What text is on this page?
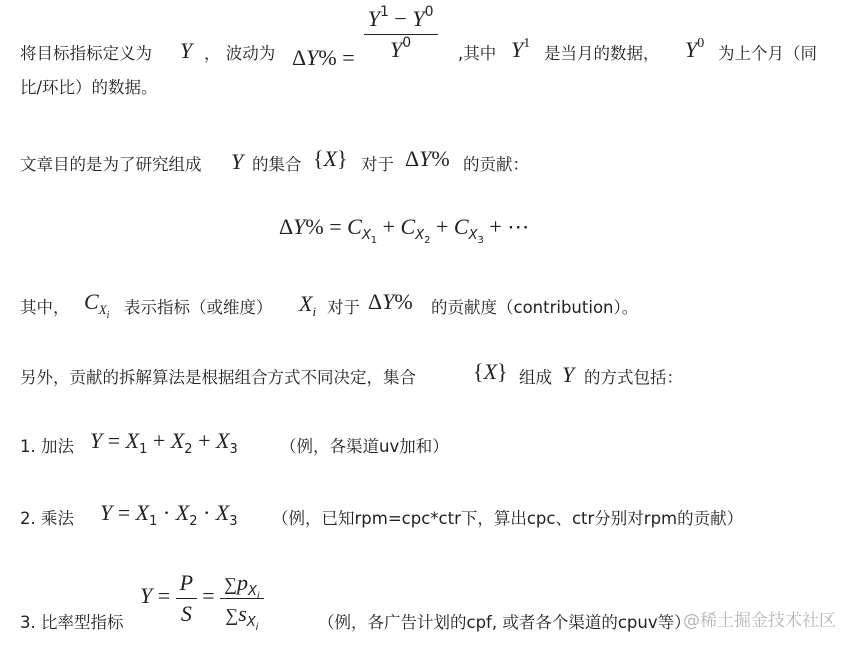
将目标指标定义为 Y ， 波动为 $\Delta Y\% = \frac{Y^1 - Y^0}{Y^0}$ ,其中 $Y^1$
是当月的数据， $Y^0$
为上个月（同
比/环比）的数据。
文章目的是为了研究组成 Y 的集合 {X} 对于 ΔY% 的贡献：
$\Delta Y\% = C_{X_1} + C_{X_2} + C_{X_3}$ + ⋯
其中， $C_{X_i}$ 表示指标（或维度） $X_i$ 对于 ΔY% 的贡献度（contribution）。
另外，贡献的拆解算法是根据组合方式不同决定，集合	{X} 组成 Y 的方式包括：
1. 加法 $Y = X_1 + X_2 + X_3$	（例，各渠道uv加和）
2. 乘法 $Y = X_1 \cdot X_2 \cdot X_3$ （例，已知rpm=cpc*ctr下，算出cpc、ctr分别对rpm的贡献）
3. 比率型指标
$Y = \frac{P}{S} = \frac{\sum p_{X_i}}{\sum s_{X_i}}$	（例，各广告计划的cpf, 或者各个渠道的cpuv等）
@稀土掘金技术社区
